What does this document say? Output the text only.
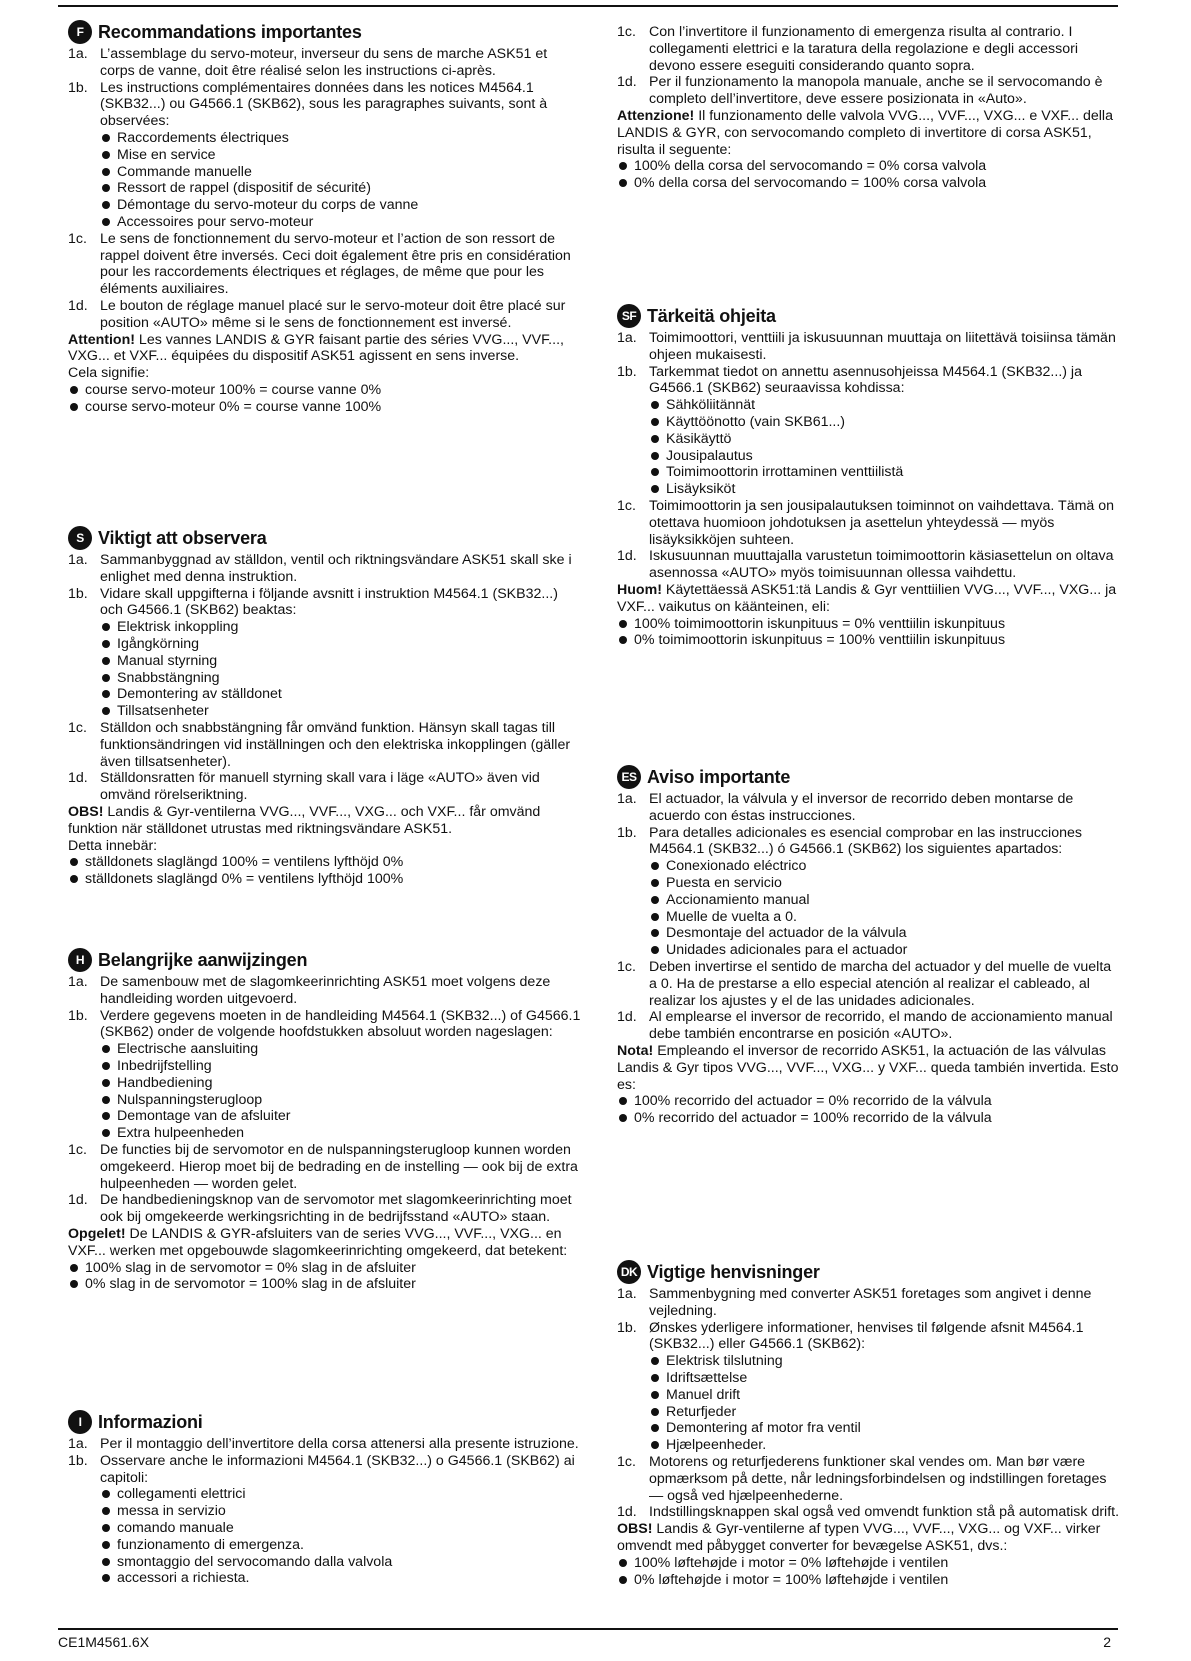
F Recommandations importantes
1a. L’assemblage du servo-moteur, inverseur du sens de marche ASK51 et corps de vanne, doit être réalisé selon les instructions ci-après.
1b. Les instructions complémentaires données dans les notices M4564.1 (SKB32...) ou G4566.1 (SKB62), sous les paragraphes suivants, sont à observées:
Raccordements électriques
Mise en service
Commande manuelle
Ressort de rappel (dispositif de sécurité)
Démontage du servo-moteur du corps de vanne
Accessoires pour servo-moteur
1c. Le sens de fonctionnement du servo-moteur et l’action de son ressort de rappel doivent être inversés. Ceci doit également être pris en considération pour les raccordements électriques et réglages, de même que pour les éléments auxiliaires.
1d. Le bouton de réglage manuel placé sur le servo-moteur doit être placé sur position «AUTO» même si le sens de fonctionnement est inversé.
Attention! Les vannes LANDIS & GYR faisant partie des séries VVG..., VVF..., VXG... et VXF... équipées du dispositif ASK51 agissent en sens inverse.
Cela signifie:
course servo-moteur 100% = course vanne 0%
course servo-moteur 0% = course vanne 100%
S Viktigt att observera
1a. Sammanbyggnad av ställdon, ventil och riktningsvändare ASK51 skall ske i enlighet med denna instruktion.
1b. Vidare skall uppgifterna i följande avsnitt i instruktion M4564.1 (SKB32...) och G4566.1 (SKB62) beaktas:
Elektrisk inkoppling
Igångkörning
Manual styrning
Snabbstängning
Demontering av ställdonet
Tillsatsenheter
1c. Ställdon och snabbstängning får omvänd funktion. Hänsyn skall tagas till funktionsändringen vid inställningen och den elektriska inkopplingen (gäller även tillsatsenheter).
1d. Ställdonsratten för manuell styrning skall vara i läge «AUTO» även vid omvänd rörelseriktning.
OBS! Landis & Gyr-ventilerna VVG..., VVF..., VXG... och VXF... får omvänd funktion när ställdonet utrustas med riktningsvändare ASK51.
Detta innebär:
ställdonets slaglängd 100% = ventilens lyfthöjd 0%
ställdonets slaglängd 0% = ventilens lyfthöjd 100%
H Belangrijke aanwijzingen
1a. De samenbouw met de slagomkeerinrichting ASK51 moet volgens deze handleiding worden uitgevoerd.
1b. Verdere gegevens moeten in de handleiding M4564.1 (SKB32...) of G4566.1 (SKB62) onder de volgende hoofdstukken absoluut worden nageslagen:
Electrische aansluiting
Inbedrijfstelling
Handbediening
Nulspanningsterugloop
Demontage van de afsluiter
Extra hulpeenheden
1c. De functies bij de servomotor en de nulspanningsterugloop kunnen worden omgekeerd. Hierop moet bij de bedrading en de instelling — ook bij de extra hulpeenheden — worden gelet.
1d. De handbedieningsknop van de servomotor met slagomkeerinrichting moet ook bij omgekeerde werkingsrichting in de bedrijfsstand «AUTO» staan.
Opgelet! De LANDIS & GYR-afsluiters van de series VVG..., VVF..., VXG... en VXF... werken met opgebouwde slagomkeerinrichting omgekeerd, dat betekent:
100% slag in de servomotor = 0% slag in de afsluiter
0% slag in de servomotor = 100% slag in de afsluiter
I Informazioni
1a. Per il montaggio dell’invertitore della corsa attenersi alla presente istruzione.
1b. Osservare anche le informazioni M4564.1 (SKB32...) o G4566.1 (SKB62) ai capitoli:
collegamenti elettrici
messa in servizio
comando manuale
funzionamento di emergenza.
smontaggio del servocomando dalla valvola
accessori a richiesta.
1c. Con l’invertitore il funzionamento di emergenza risulta al contrario. I collegamenti elettrici e la taratura della regolazione e degli accessori devono essere eseguiti considerando quanto sopra.
1d. Per il funzionamento la manopola manuale, anche se il servocomando è completo dell’invertitore, deve essere posizionata in «Auto».
Attenzione! Il funzionamento delle valvola VVG..., VVF..., VXG... e VXF... della LANDIS & GYR, con servocomando completo di invertitore di corsa ASK51, risulta il seguente:
100% della corsa del servocomando = 0% corsa valvola
0% della corsa del servocomando = 100% corsa valvola
SF Tärkeitä ohjeita
1a. Toimimoottori, venttiili ja iskusuunnan muuttaja on liitettävä toisiinsa tämän ohjeen mukaisesti.
1b. Tarkemmat tiedot on annettu asennusohjeissa M4564.1 (SKB32...) ja G4566.1 (SKB62) seuraavissa kohdissa:
Sähköliitännät
Käyttöönotto (vain SKB61...)
Käsikäyttö
Jousipalautus
Toimimoottorin irrottaminen venttiilistä
Lisäyksiköt
1c. Toimimoottorin ja sen jousipalautuksen toiminnot on vaihdettava. Tämä on otettava huomioon johdotuksen ja asettelun yhteydessä — myös lisäyksikköjen suhteen.
1d. Iskusuunnan muuttajalla varustetun toimimoottorin käsiasettelun on oltava asennossa «AUTO» myös toimisuunnan ollessa vaihdettu.
Huom! Käytettäessä ASK51:tä Landis & Gyr venttiilien VVG..., VVF..., VXG... ja VXF... vaikutus on käänteinen, eli:
100% toimimoottorin iskunpituus = 0% venttiilin iskunpituus
0% toimimoottorin iskunpituus = 100% venttiilin iskunpituus
ES Aviso importante
1a. El actuador, la válvula y el inversor de recorrido deben montarse de acuerdo con éstas instrucciones.
1b. Para detalles adicionales es esencial comprobar en las instrucciones M4564.1 (SKB32...) ó G4566.1 (SKB62) los siguientes apartados:
Conexionado eléctrico
Puesta en servicio
Accionamiento manual
Muelle de vuelta a 0.
Desmontaje del actuador de la válvula
Unidades adicionales para el actuador
1c. Deben invertirse el sentido de marcha del actuador y del muelle de vuelta a 0. Ha de prestarse a ello especial atención al realizar el cableado, al realizar los ajustes y el de las unidades adicionales.
1d. Al emplearse el inversor de recorrido, el mando de accionamiento manual debe también encontrarse en posición «AUTO».
Nota! Empleando el inversor de recorrido ASK51, la actuación de las válvulas Landis & Gyr tipos VVG..., VVF..., VXG... y VXF... queda también invertida. Esto es:
100% recorrido del actuador = 0% recorrido de la válvula
0% recorrido del actuador = 100% recorrido de la válvula
DK Vigtige henvisninger
1a. Sammenbygning med converter ASK51 foretages som angivet i denne vejledning.
1b. Ønskes yderligere informationer, henvises til følgende afsnit M4564.1 (SKB32...) eller G4566.1 (SKB62):
Elektrisk tilslutning
Idriftsættelse
Manuel drift
Returfjeder
Demontering af motor fra ventil
Hjælpeenheder.
1c. Motorens og returfjederens funktioner skal vendes om. Man bør være opmærksom på dette, når ledningsforbindelsen og indstillingen foretages — også ved hjælpeenhederne.
1d. Indstillingsknappen skal også ved omvendt funktion stå på automatisk drift.
OBS! Landis & Gyr-ventilerne af typen VVG..., VVF..., VXG... og VXF... virker omvendt med påbygget converter for bevægelse ASK51, dvs.:
100% løftehøjde i motor = 0% løftehøjde i ventilen
0% løftehøjde i motor = 100% løftehøjde i ventilen
CE1M4561.6X	2
